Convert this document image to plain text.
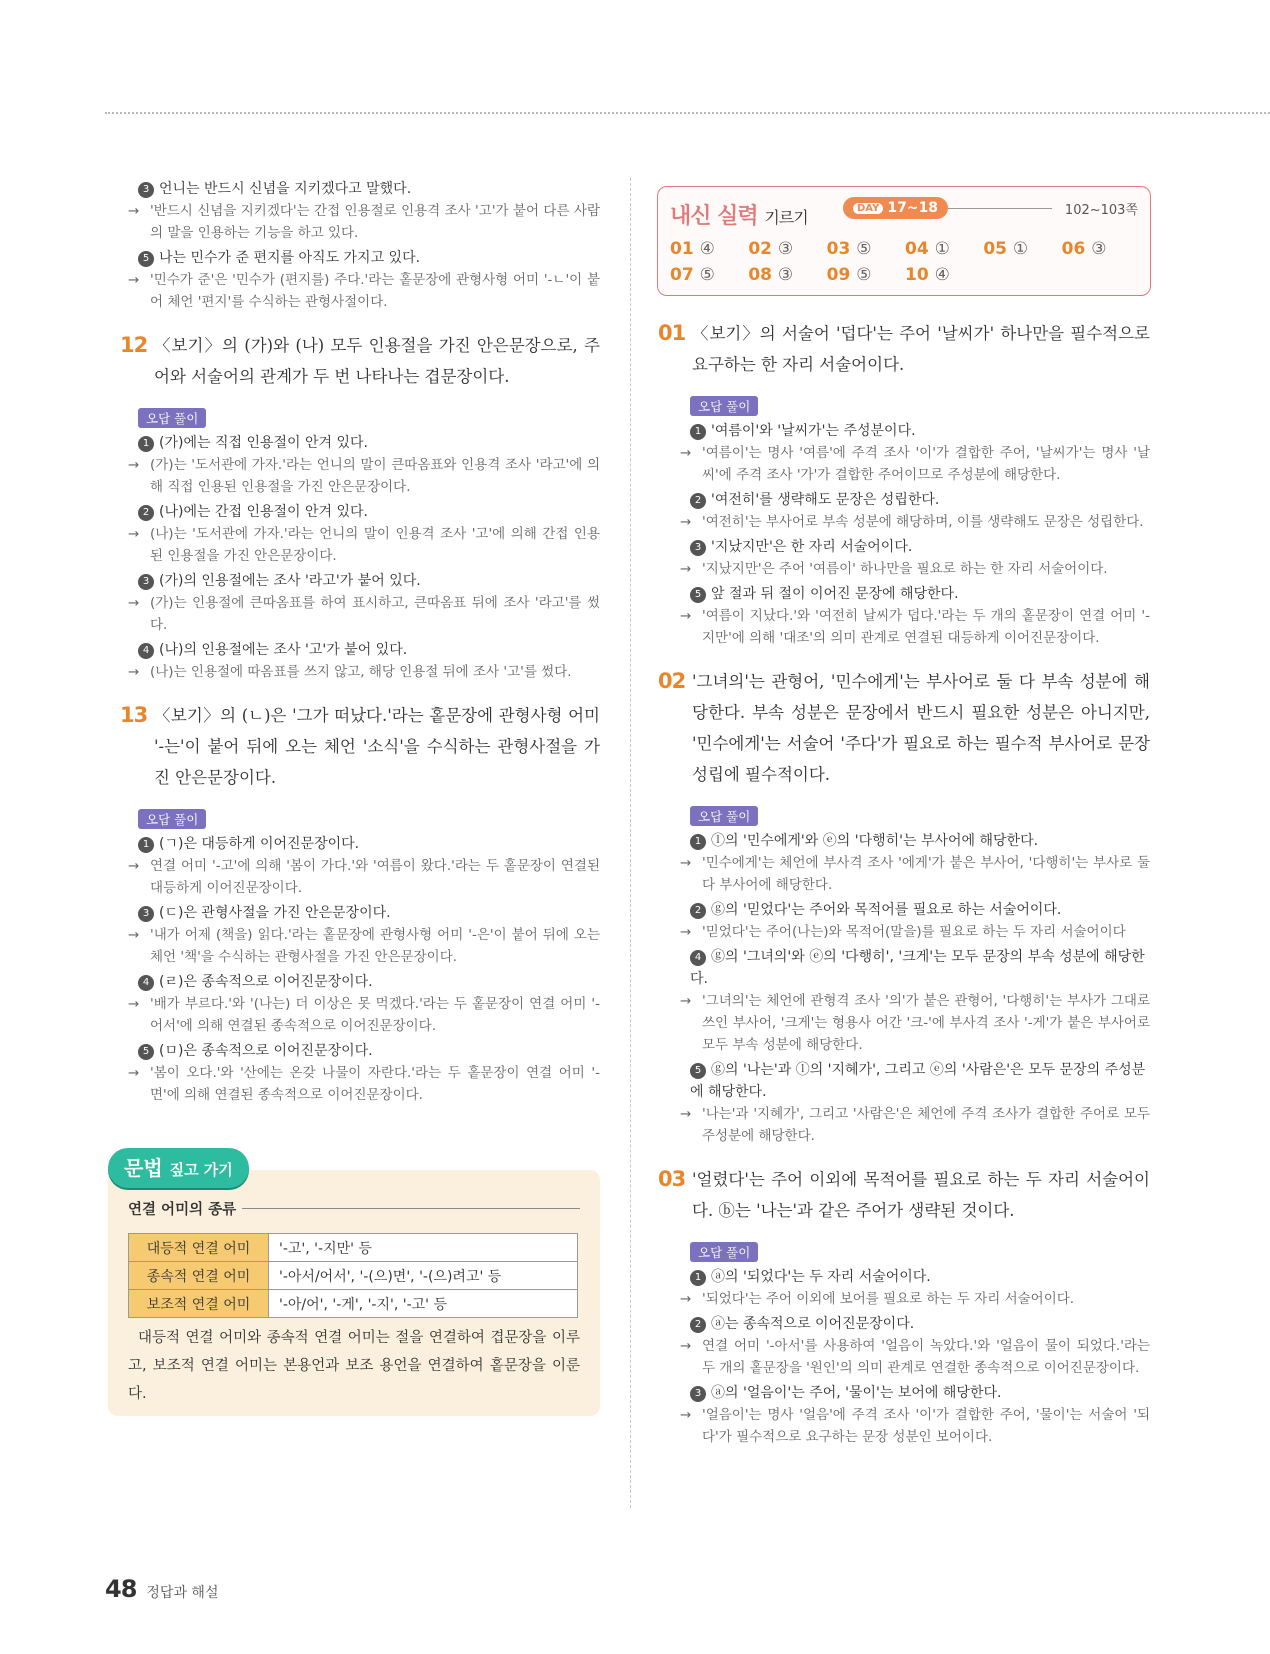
3 언니는 반드시 신념을 지키겠다고 말했다.
→ '반드시 신념을 지키겠다'는 간접 인용절로 인용격 조사 '고'가 붙어 다른 사람의 말을 인용하는 기능을 하고 있다.
5 나는 민수가 준 편지를 아직도 가지고 있다.
→ '민수가 준'은 '민수가 (편지를) 주다.'라는 홑문장에 관형사형 어미 '-ㄴ'이 붙어 체언 '편지'를 수식하는 관형사절이다.
12 〈보기〉의 (가)와 (나) 모두 인용절을 가진 안은문장으로, 주어와 서술어의 관계가 두 번 나타나는 겹문장이다.
오답 풀이
1 (가)에는 직접 인용절이 안겨 있다.
→ (가)는 '도서관에 가자.'라는 언니의 말이 큰따옴표와 인용격 조사 '라고'에 의해 직접 인용된 인용절을 가진 안은문장이다.
2 (나)에는 간접 인용절이 안겨 있다.
→ (나)는 '도서관에 가자.'라는 언니의 말이 인용격 조사 '고'에 의해 간접 인용된 인용절을 가진 안은문장이다.
3 (가)의 인용절에는 조사 '라고'가 붙어 있다.
→ (가)는 인용절에 큰따옴표를 하여 표시하고, 큰따옴표 뒤에 조사 '라고'를 썼다.
4 (나)의 인용절에는 조사 '고'가 붙어 있다.
→ (나)는 인용절에 따옴표를 쓰지 않고, 해당 인용절 뒤에 조사 '고'를 썼다.
13 〈보기〉의 (ㄴ)은 '그가 떠났다.'라는 홑문장에 관형사형 어미 '-는'이 붙어 뒤에 오는 체언 '소식'을 수식하는 관형사절을 가진 안은문장이다.
오답 풀이
1 (ㄱ)은 대등하게 이어진문장이다.
→ 연결 어미 '-고'에 의해 '봄이 가다.'와 '여름이 왔다.'라는 두 홑문장이 연결된 대등하게 이어진문장이다.
3 (ㄷ)은 관형사절을 가진 안은문장이다.
→ '내가 어제 (책을) 읽다.'라는 홑문장에 관형사형 어미 '-은'이 붙어 뒤에 오는 체언 '책'을 수식하는 관형사절을 가진 안은문장이다.
4 (ㄹ)은 종속적으로 이어진문장이다.
→ '배가 부르다.'와 '(나는) 더 이상은 못 먹겠다.'라는 두 홑문장이 연결 어미 '-어서'에 의해 연결된 종속적으로 이어진문장이다.
5 (ㅁ)은 종속적으로 이어진문장이다.
→ '봄이 오다.'와 '산에는 온갖 나물이 자란다.'라는 두 홑문장이 연결 어미 '-면'에 의해 연결된 종속적으로 이어진문장이다.
문법 짚고 가기
연결 어미의 종류
대등적 연결 어미	'-고', '-지만' 등
종속적 연결 어미	'-아서/어서', '-(으)면', '-(으)려고' 등
보조적 연결 어미	'-아/어', '-게', '-지', '-고' 등

대등적 연결 어미와 종속적 연결 어미는 절을 연결하여 겹문장을 이루고, 보조적 연결 어미는 본용언과 보조 용언을 연결하여 홑문장을 이룬다.

내신 실력 기르기	DAY 17~18	102~103쪽
01 ④	02 ③	03 ⑤	04 ①	05 ①	06 ③
07 ⑤	08 ③	09 ⑤	10 ④
01 〈보기〉의 서술어 '덥다'는 주어 '날씨가' 하나만을 필수적으로 요구하는 한 자리 서술어이다.
오답 풀이
1 '여름이'와 '날씨가'는 주성분이다.
→ '여름이'는 명사 '여름'에 주격 조사 '이'가 결합한 주어, '날씨가'는 명사 '날씨'에 주격 조사 '가'가 결합한 주어이므로 주성분에 해당한다.
2 '여전히'를 생략해도 문장은 성립한다.
→ '여전히'는 부사어로 부속 성분에 해당하며, 이를 생략해도 문장은 성립한다.
3 '지났지만'은 한 자리 서술어이다.
→ '지났지만'은 주어 '여름이' 하나만을 필요로 하는 한 자리 서술어이다.
5 앞 절과 뒤 절이 이어진 문장에 해당한다.
→ '여름이 지났다.'와 '여전히 날씨가 덥다.'라는 두 개의 홑문장이 연결 어미 '-지만'에 의해 '대조'의 의미 관계로 연결된 대등하게 이어진문장이다.
02 '그녀의'는 관형어, '민수에게'는 부사어로 둘 다 부속 성분에 해당한다. 부속 성분은 문장에서 반드시 필요한 성분은 아니지만, '민수에게'는 서술어 '주다'가 필요로 하는 필수적 부사어로 문장 성립에 필수적이다.
오답 풀이
1 ⓛ의 '민수에게'와 ⓔ의 '다행히'는 부사어에 해당한다.
→ '민수에게'는 체언에 부사격 조사 '에게'가 붙은 부사어, '다행히'는 부사로 둘 다 부사어에 해당한다.
2 ⓖ의 '믿었다'는 주어와 목적어를 필요로 하는 서술어이다.
→ '믿었다'는 주어(나는)와 목적어(말을)를 필요로 하는 두 자리 서술어이다
4 ⓖ의 '그녀의'와 ⓔ의 '다행히', '크게'는 모두 문장의 부속 성분에 해당한다.
→ '그녀의'는 체언에 관형격 조사 '의'가 붙은 관형어, '다행히'는 부사가 그대로 쓰인 부사어, '크게'는 형용사 어간 '크-'에 부사격 조사 '-게'가 붙은 부사어로 모두 부속 성분에 해당한다.
5 ⓖ의 '나는'과 ⓛ의 '지혜가', 그리고 ⓔ의 '사람은'은 모두 문장의 주성분에 해당한다.
→ '나는'과 '지혜가', 그리고 '사람은'은 체언에 주격 조사가 결합한 주어로 모두 주성분에 해당한다.
03 '얼렸다'는 주어 이외에 목적어를 필요로 하는 두 자리 서술어이다. ⓑ는 '나는'과 같은 주어가 생략된 것이다.
오답 풀이
1 ⓐ의 '되었다'는 두 자리 서술어이다.
→ '되었다'는 주어 이외에 보어를 필요로 하는 두 자리 서술어이다.
2 ⓐ는 종속적으로 이어진문장이다.
→ 연결 어미 '-아서'를 사용하여 '얼음이 녹았다.'와 '얼음이 물이 되었다.'라는 두 개의 홑문장을 '원인'의 의미 관계로 연결한 종속적으로 이어진문장이다.
3 ⓐ의 '얼음이'는 주어, '물이'는 보어에 해당한다.
→ '얼음이'는 명사 '얼음'에 주격 조사 '이'가 결합한 주어, '물이'는 서술어 '되다'가 필수적으로 요구하는 문장 성분인 보어이다.
48 정답과 해설
